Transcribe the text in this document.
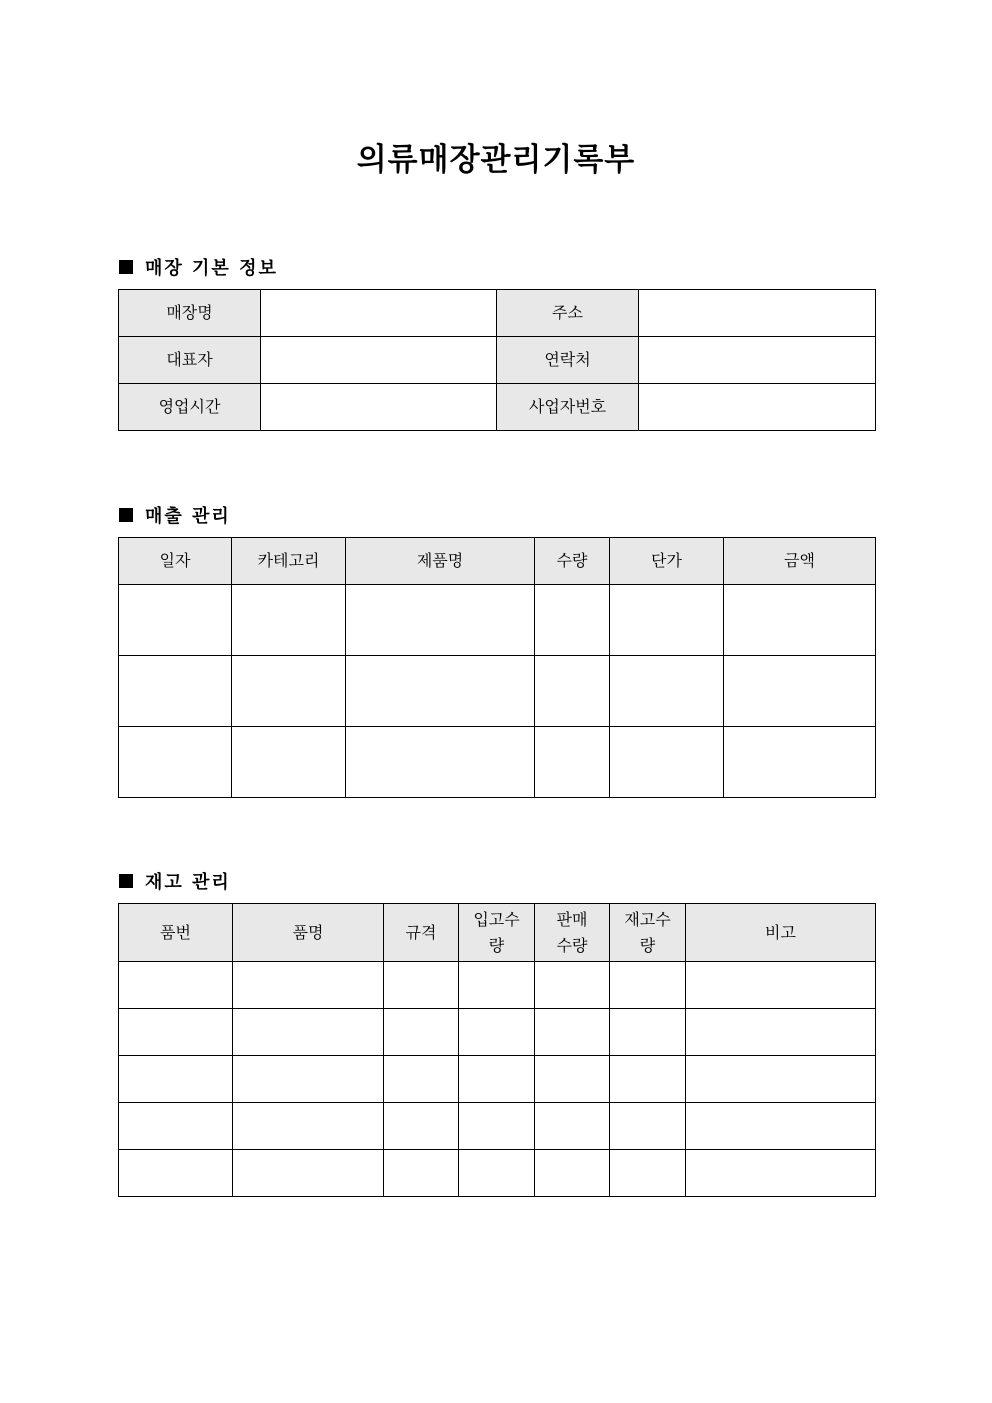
의류매장관리기록부
매장 기본 정보
매장명		주소	
대표자		연락처	
영업시간		사업자번호	
매출 관리
일자	카테고리	제품명	수량	단가	금액

재고 관리
품번	품명	규격	입고수량	판매수량	재고수량	비고
